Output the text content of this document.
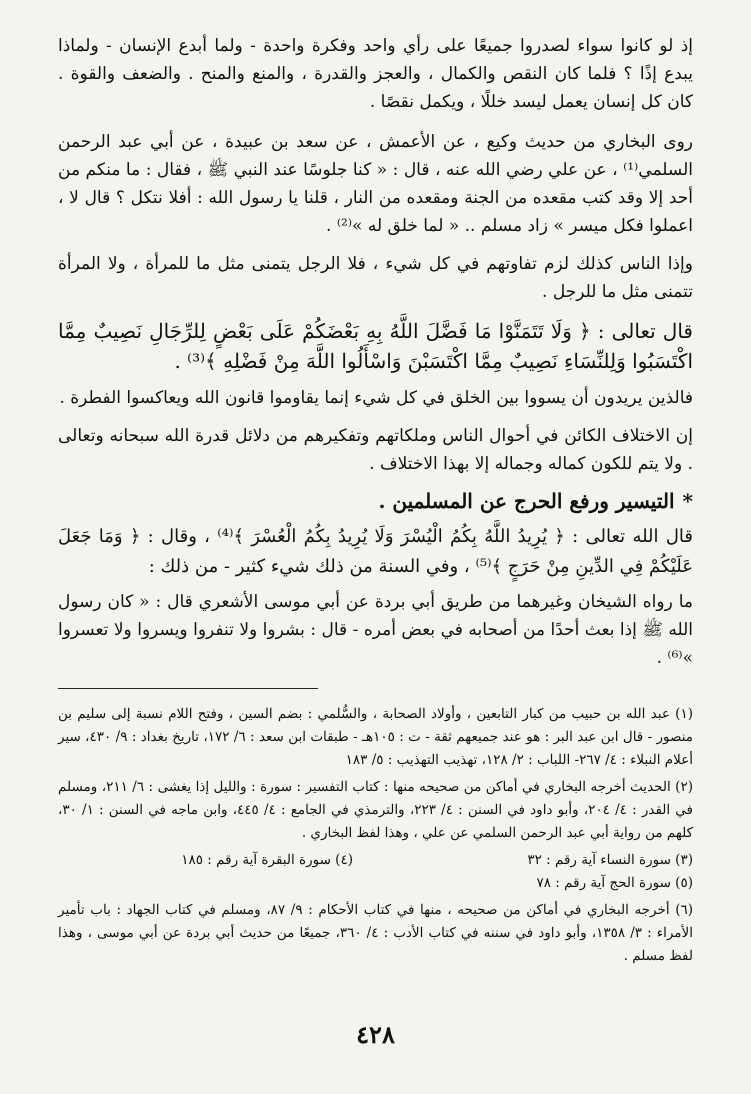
إذ لو كانوا سواء لصدروا جميعًا على رأي واحد وفكرة واحدة - ولما أبدع الإنسان - ولماذا يبدع إذًا ؟ فلما كان النقص والكمال ، والعجز والقدرة ، والمنع والمنح . والضعف والقوة . كان كل إنسان يعمل ليسد خللًا ، ويكمل نقصًا .

روى البخاري من حديث وكيع ، عن الأعمش ، عن سعد بن عبيدة ، عن أبي عبد الرحمن السلمي⁽¹⁾ ، عن علي رضي الله عنه ، قال : « كنا جلوسًا عند النبي ﷺ ، فقال : ما منكم من أحد إلا وقد كتب مقعده من الجنة ومقعده من النار ، قلنا يا رسول الله : أفلا نتكل ؟ قال لا ، اعملوا فكل ميسر » زاد مسلم .. « لما خلق له »⁽²⁾ .

وإذا الناس كذلك لزم تفاوتهم في كل شيء ، فلا الرجل يتمنى مثل ما للمرأة ، ولا المرأة تتمنى مثل ما للرجل .

قال تعالى : ﴿ وَلَا تَتَمَنَّوْا مَا فَضَّلَ اللَّهُ بِهِ بَعْضَكُمْ عَلَى بَعْضٍ لِلرِّجَالِ نَصِيبٌ مِمَّا اكْتَسَبُوا وَلِلنِّسَاءِ نَصِيبٌ مِمَّا اكْتَسَبْنَ وَاسْأَلُوا اللَّهَ مِنْ فَضْلِهِ ﴾⁽³⁾ .

فالذين يريدون أن يسووا بين الخلق في كل شيء إنما يقاوموا قانون الله ويعاكسوا الفطرة .

إن الاختلاف الكائن في أحوال الناس وملكاتهم وتفكيرهم من دلائل قدرة الله سبحانه وتعالى . ولا يتم للكون كماله وجماله إلا بهذا الاختلاف .

*التيسير ورفع الحرج عن المسلمين .

قال الله تعالى : ﴿ يُرِيدُ اللَّهُ بِكُمُ الْيُسْرَ وَلَا يُرِيدُ بِكُمُ الْعُسْرَ ﴾⁽⁴⁾ ، وقال : ﴿ وَمَا جَعَلَ عَلَيْكُمْ فِي الدِّينِ مِنْ حَرَجٍ ﴾⁽⁵⁾ ، وفي السنة من ذلك شيء كثير - من ذلك :

ما رواه الشيخان وغيرهما من طريق أبي بردة عن أبي موسى الأشعري قال : « كان رسول الله ﷺ إذا بعث أحدًا من أصحابه في بعض أمره - قال : بشروا ولا تنفروا ويسروا ولا تعسروا »⁽⁶⁾ .

(١) عبد الله بن حبيب من كبار التابعين ، وأولاد الصحابة ، والسُّلمي : بضم السين ، وفتح اللام نسبة إلى سليم بن منصور - قال ابن عبد البر : هو عند جميعهم ثقة - ت : ١٠٥هـ - طبقات ابن سعد : ٦/ ١٧٢، تاريخ بغداد : ٩/ ٤٣٠، سير أعلام النبلاء : ٤/ ٢٦٧- اللباب : ٢/ ١٢٨، تهذيب التهذيب : ٥/ ١٨٣

(٢) الحديث أخرجه البخاري في أماكن من صحيحه منها : كتاب التفسير : سورة : والليل إذا يغشى : ٦/ ٢١١، ومسلم في القدر : ٤/ ٢٠٤، وأبو داود في السنن : ٤/ ٢٢٣، والترمذي في الجامع : ٤/ ٤٤٥، وابن ماجه في السنن : ١/ ٣٠، كلهم من رواية أبي عبد الرحمن السلمي عن علي ، وهذا لفظ البخاري .

(٣) سورة النساء آية رقم : ٣٢
(٤) سورة البقرة آية رقم : ١٨٥
(٥) سورة الحج آية رقم : ٧٨

(٦) أخرجه البخاري في أماكن من صحيحه ، منها في كتاب الأحكام : ٩/ ٨٧، ومسلم في كتاب الجهاد : باب تأمير الأمراء : ٣/ ١٣٥٨، وأبو داود في سننه في كتاب الأدب : ٤/ ٣٦٠، جميعًا من حديث أبي بردة عن أبي موسى ، وهذا لفظ مسلم .

٤٢٨
